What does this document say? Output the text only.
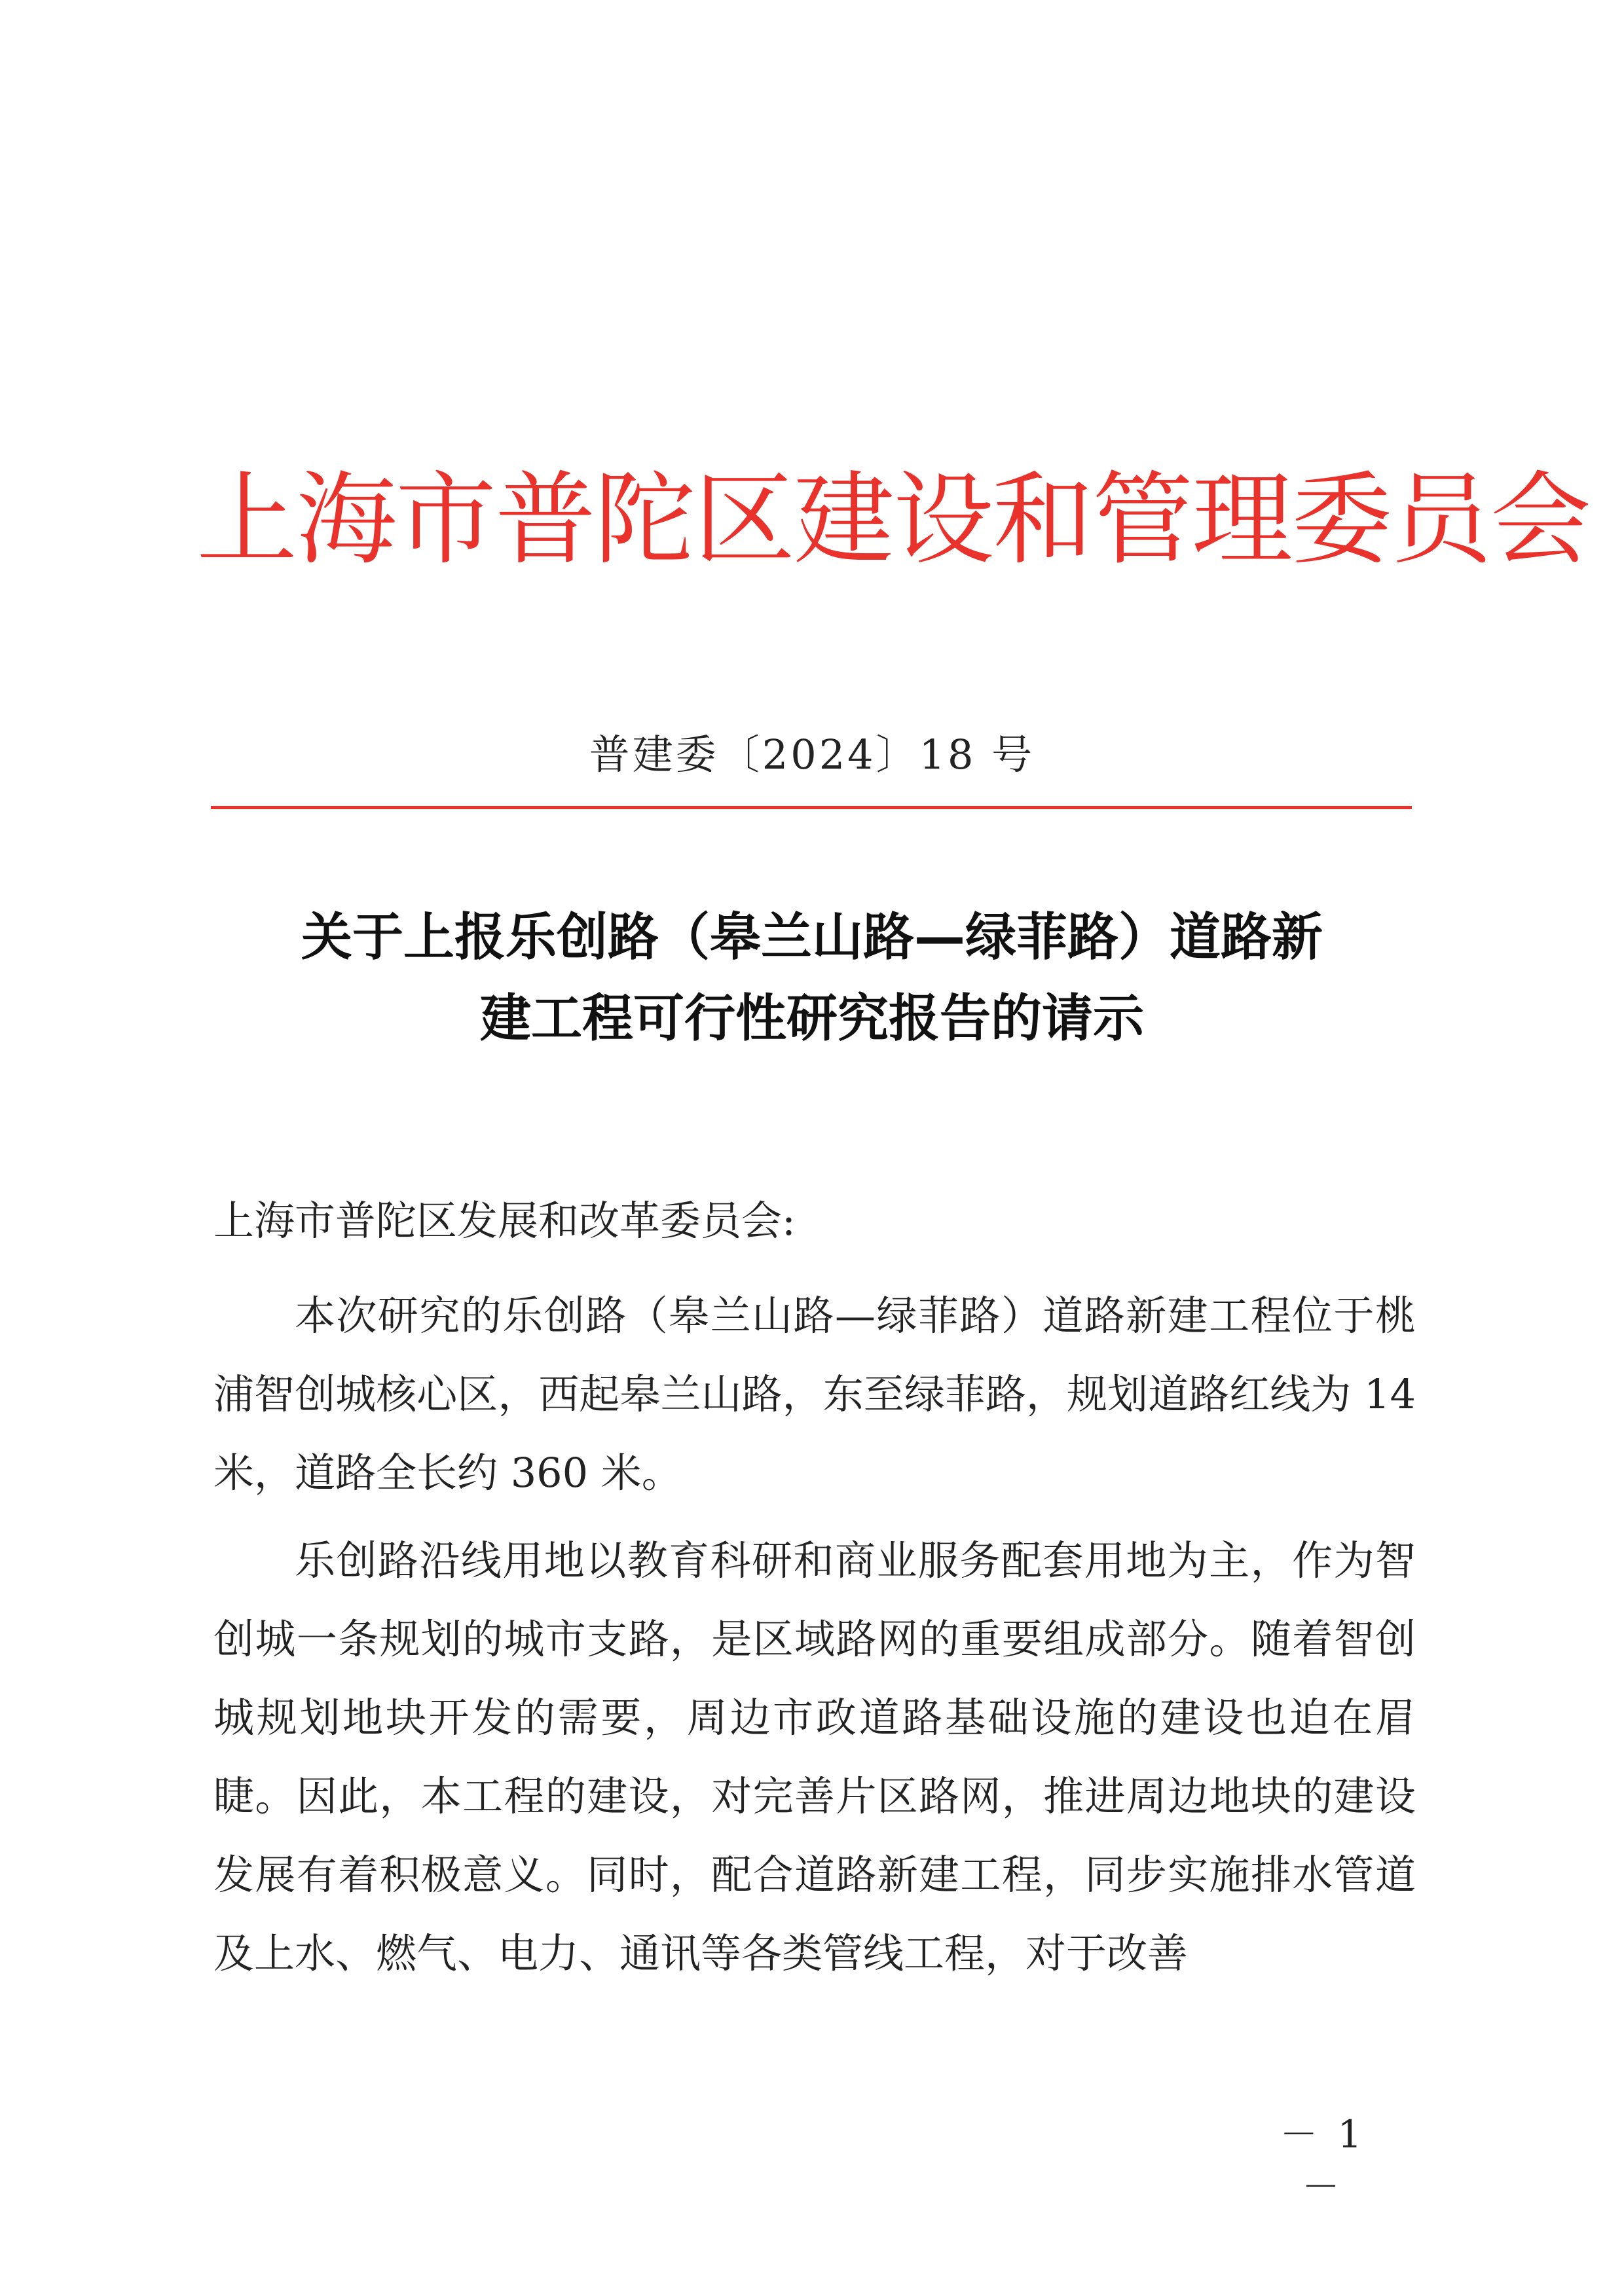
上海市普陀区建设和管理委员会
普建委〔2024〕18 号
关于上报乐创路（皋兰山路—绿菲路）道路新
建工程可行性研究报告的请示
上海市普陀区发展和改革委员会:

本次研究的乐创路（皋兰山路—绿菲路）道路新建工程位于桃浦智创城核心区，西起皋兰山路，东至绿菲路，规划道路红线为 14 米，道路全长约 360 米。

乐创路沿线用地以教育科研和商业服务配套用地为主，作为智创城一条规划的城市支路，是区域路网的重要组成部分。随着智创城规划地块开发的需要，周边市政道路基础设施的建设也迫在眉睫。因此，本工程的建设，对完善片区路网，推进周边地块的建设发展有着积极意义。同时，配合道路新建工程，同步实施排水管道及上水、燃气、电力、通讯等各类管线工程，对于改善

－ 1 －
